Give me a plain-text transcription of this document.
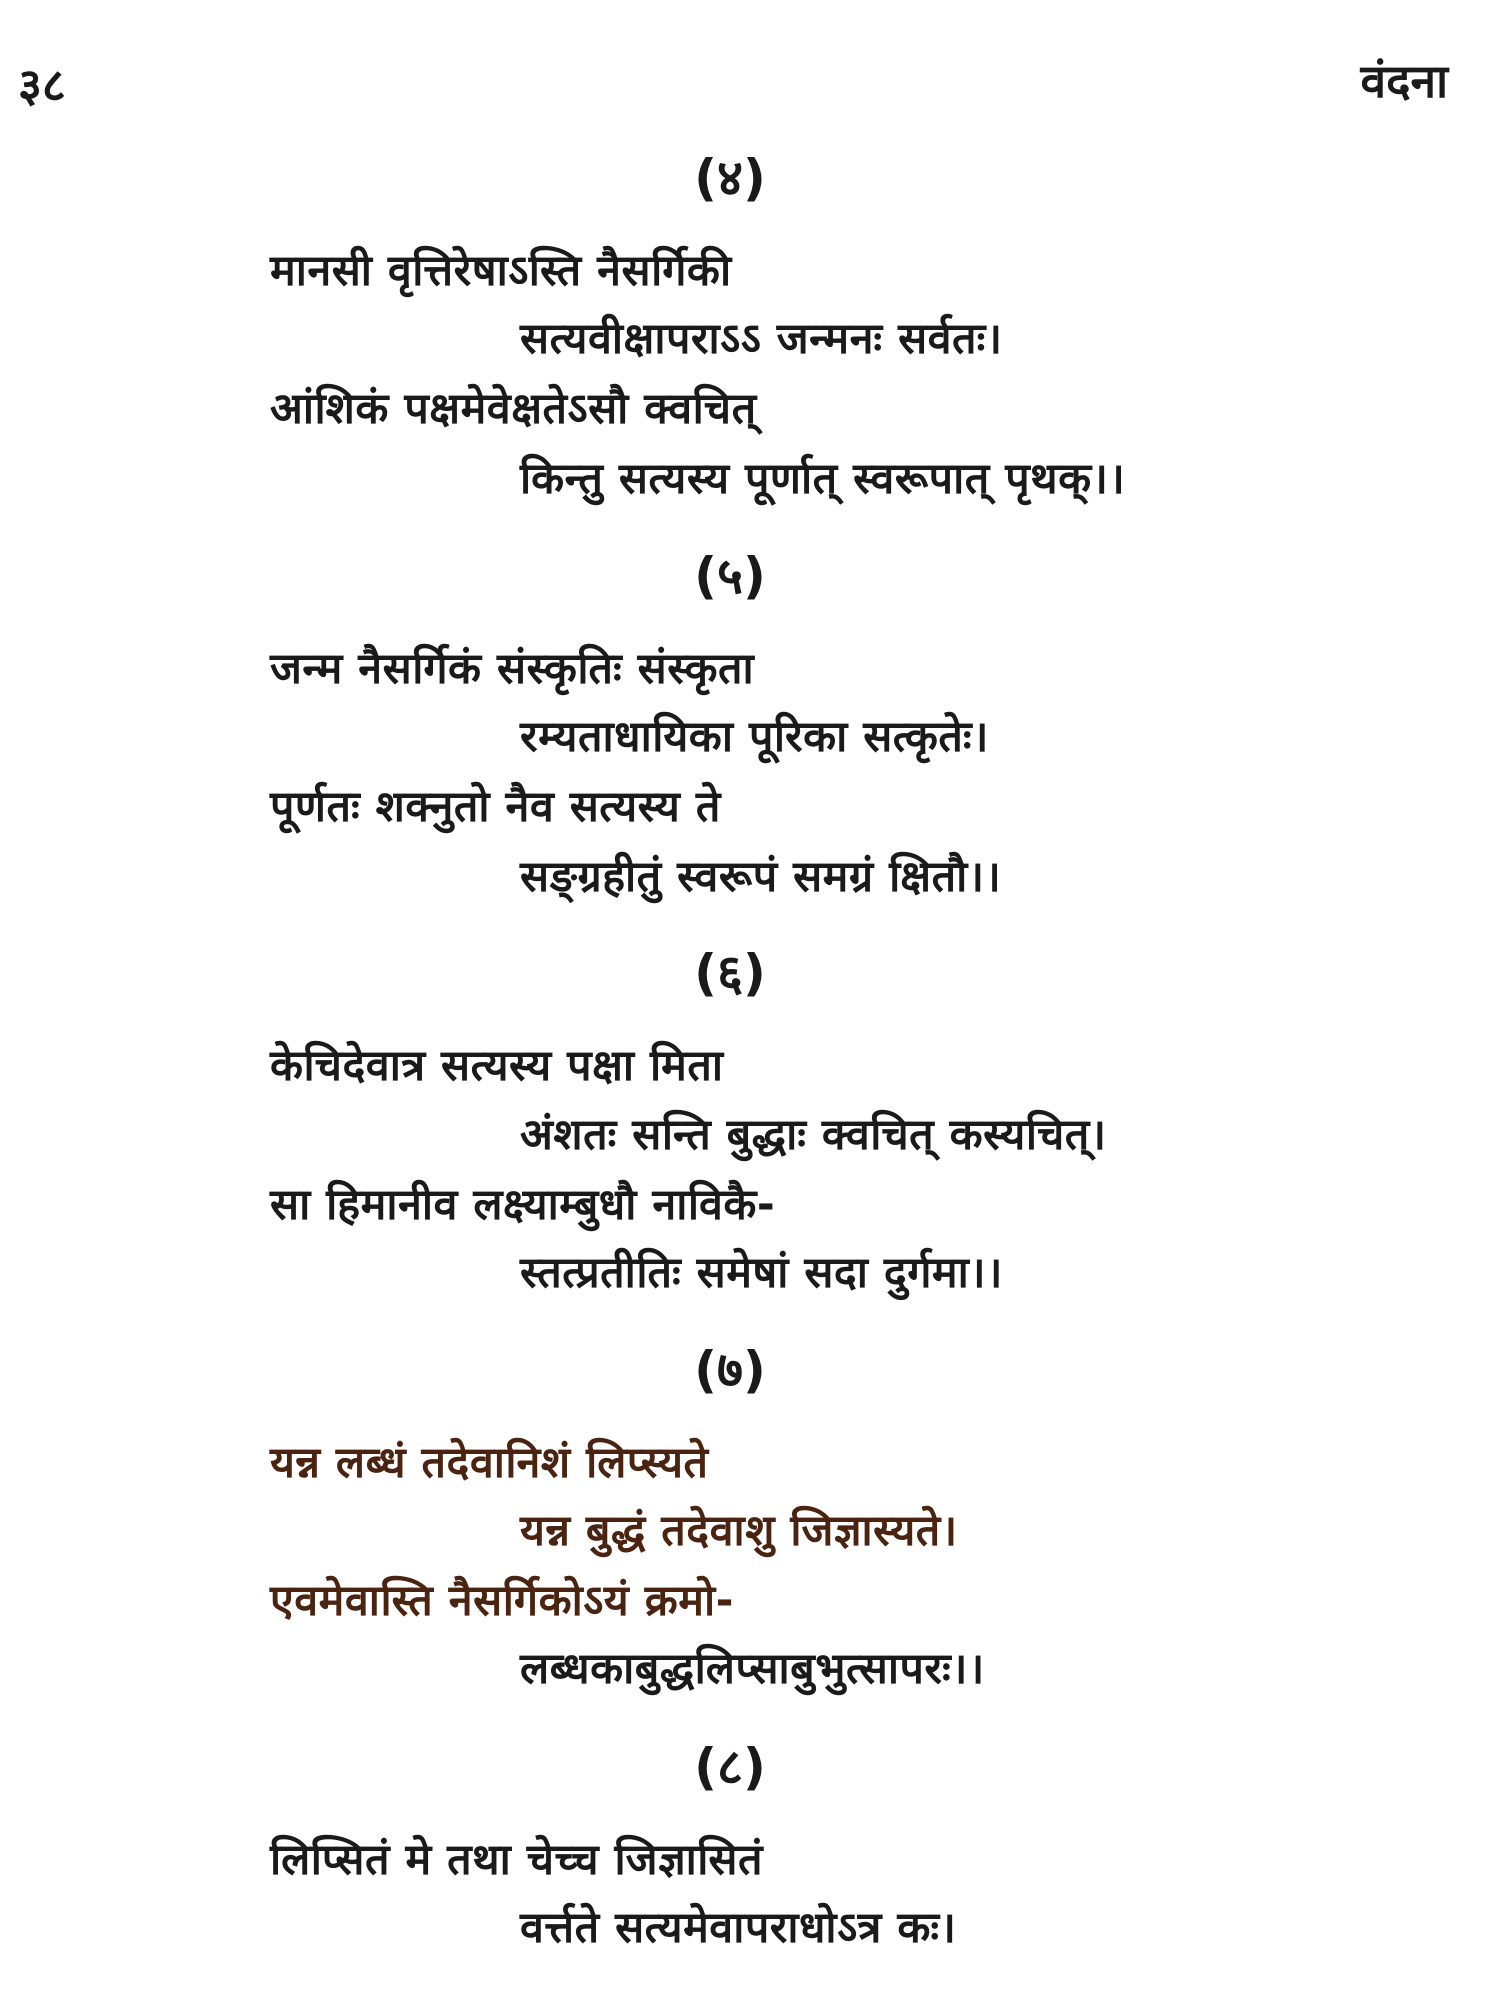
३८	वंदना
(४)
मानसी वृत्तिरेषाऽस्ति नैसर्गिकी
सत्यवीक्षापराऽऽ जन्मनः सर्वतः।
आंशिकं पक्षमेवेक्षतेऽसौ क्वचित्
किन्तु सत्यस्य पूर्णात् स्वरूपात् पृथक्।।
(५)
जन्म नैसर्गिकं संस्कृतिः संस्कृता
रम्यताधायिका पूरिका सत्कृतेः।
पूर्णतः शक्नुतो नैव सत्यस्य ते
सङ्ग्रहीतुं स्वरूपं समग्रं क्षितौ।।
(६)
केचिदेवात्र सत्यस्य पक्षा मिता
अंशतः सन्ति बुद्धाः क्वचित् कस्यचित्।
सा हिमानीव लक्ष्याम्बुधौ नाविकै-
स्तत्प्रतीतिः समेषां सदा दुर्गमा।।
(७)
यन्न लब्धं तदेवानिशं लिप्स्यते
यन्न बुद्धं तदेवाशु जिज्ञास्यते।
एवमेवास्ति नैसर्गिकोऽयं क्रमो-
लब्धकाबुद्धलिप्साबुभुत्सापरः।।
(८)
लिप्सितं मे तथा चेच्च जिज्ञासितं
वर्त्तते सत्यमेवापराधोऽत्र कः।
